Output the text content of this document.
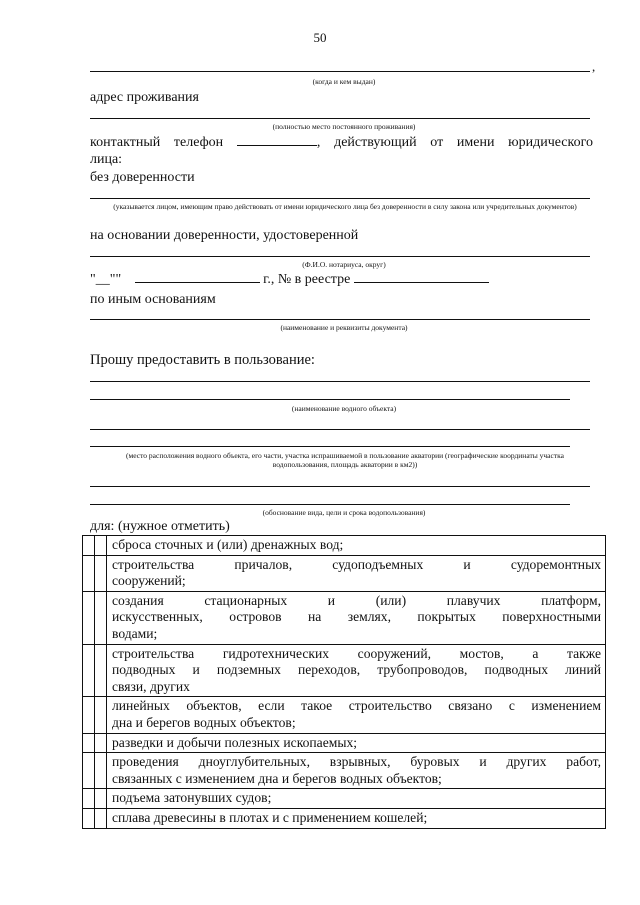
50
,
(когда и кем выдан)
адрес проживания
(полностью место постоянного проживания)
контактный телефон	, действующий от имени юридического
лица:
без доверенности
(указывается лицом, имеющим право действовать от имени юридического лица без доверенности в силу закона или учредительных документов)
на основании доверенности, удостоверенной
(Ф.И.О. нотариуса, округ)
"__""	г., № в реестре
по иным основаниям
(наименование и реквизиты документа)
Прошу предоставить в пользование:
(наименование водного объекта)
(место расположения водного объекта, его части, участка испрашиваемой в пользование акватории (географические координаты участка водопользования, площадь акватории в км2))
(обоснование вида, цели и срока водопользования)
для: (нужное отметить)

		сброса сточных и (или) дренажных вод;

		строительства причалов, судоподъемных и судоремонтных
сооружений;

		создания стационарных и (или) плавучих платформ,
искусственных, островов на землях, покрытых поверхностными
водами;

		строительства гидротехнических сооружений, мостов, а также
подводных и подземных переходов, трубопроводов, подводных линий
связи, других

		линейных объектов, если такое строительство связано с изменением
дна и берегов водных объектов;

		разведки и добычи полезных ископаемых;

		проведения дноуглубительных, взрывных, буровых и других работ,
связанных с изменением дна и берегов водных объектов;

		подъема затонувших судов;

		сплава древесины в плотах и с применением кошелей;
